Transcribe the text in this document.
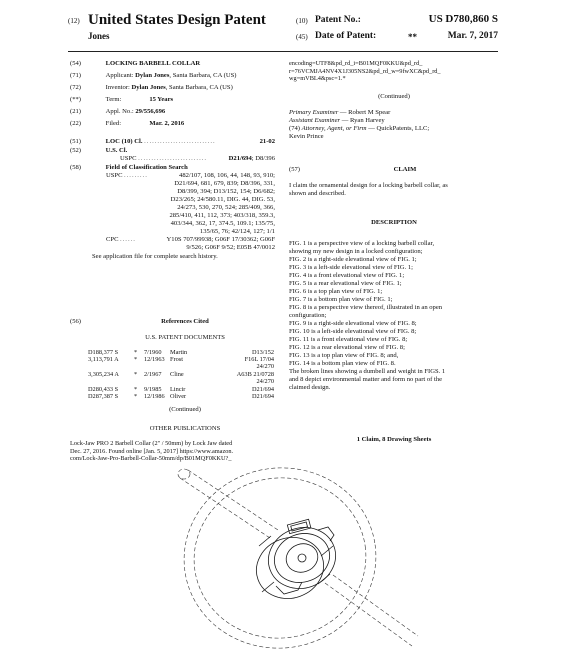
(12) United States Design Patent
Jones
(10) Patent No.:	US D780,860 S
(45) Date of Patent:	**	Mar. 7, 2017
(54)	LOCKING BARBELL COLLAR
(71)	Applicant: Dylan Jones, Santa Barbara, CA (US)
(72)	Inventor: Dylan Jones, Santa Barbara, CA (US)
(**)	Term:	15 Years
(21)	Appl. No.: 29/556,696
(22)	Filed:	Mar. 2, 2016
(51)	LOC (10) Cl. ...........................	21-02
(52)	U.S. Cl.
USPC ..........................	D21/694; D8/396
(58)	Field of Classification Search
USPC .........	482/107, 108, 106, 44, 148, 93, 910;
D21/694, 681, 679, 839; D8/396, 331,
D8/399, 394; D13/152, 154; D6/682;
D23/265; 24/580.11, DIG. 44, DIG. 53,
24/273, 530, 270, 524; 285/409, 366,
285/410, 411, 112, 373; 403/318, 359.3,
403/344, 362, 17, 374.5, 109.1; 135/75,
135/65, 76; 42/124, 127; 1/1
CPC ......	Y10S 707/99938; G06F 17/30362; G06F
9/526; G06F 9/52; E05B 47/0012
See application file for complete search history.
(56)	References Cited
U.S. PATENT DOCUMENTS
D188,377 S	* 7/1960 Martin	D13/152
3,113,791 A * 12/1963 Frost	F16L 17/04
24/270
3,305,234 A * 2/1967 Cline	A63B 21/0728
24/270
D280,433 S	* 9/1985 Lincir	D21/694
D287,387 S	* 12/1986 Oliver	D21/694
(Continued)
OTHER PUBLICATIONS
Lock-Jaw PRO 2 Barbell Collar (2" / 50mm) by Lock Jaw dated
Dec. 27, 2016. Found online [Jan. 5, 2017] https://www.amazon.
com/Lock-Jaw-Pro-Barbell-Collar-50mm/dp/B01MQF0KKU?_
encoding=UTF8&pd_rd_i=B01MQF0KKU&pd_rd_
r=76VCMJA4NV4X1J305NS2&pd_rd_w=9fwXC&pd_rd_
wg=mVBL4&psc=1.*
(Continued)
Primary Examiner — Robert M Spear
Assistant Examiner — Ryan Harvey
(74) Attorney, Agent, or Firm — QuickPatents, LLC;
Kevin Prince
(57)	CLAIM
I claim the ornamental design for a locking barbell collar, as
shown and described.
DESCRIPTION
FIG. 1 is a perspective view of a locking barbell collar,
showing my new design in a locked configuration;
FIG. 2 is a right-side elevational view of FIG. 1;
FIG. 3 is a left-side elevational view of FIG. 1;
FIG. 4 is a front elevational view of FIG. 1;
FIG. 5 is a rear elevational view of FIG. 1;
FIG. 6 is a top plan view of FIG. 1;
FIG. 7 is a bottom plan view of FIG. 1;
FIG. 8 is a perspective view thereof, illustrated in an open
configuration;
FIG. 9 is a right-side elevational view of FIG. 8;
FIG. 10 is a left-side elevational view of FIG. 8;
FIG. 11 is a front elevational view of FIG. 8;
FIG. 12 is a rear elevational view of FIG. 8;
FIG. 13 is a top plan view of FIG. 8; and,
FIG. 14 is a bottom plan view of FIG. 8.
The broken lines showing a dumbell and weight in FIGS. 1
and 8 depict environmental matter and form no part of the
claimed design.
1 Claim, 8 Drawing Sheets
